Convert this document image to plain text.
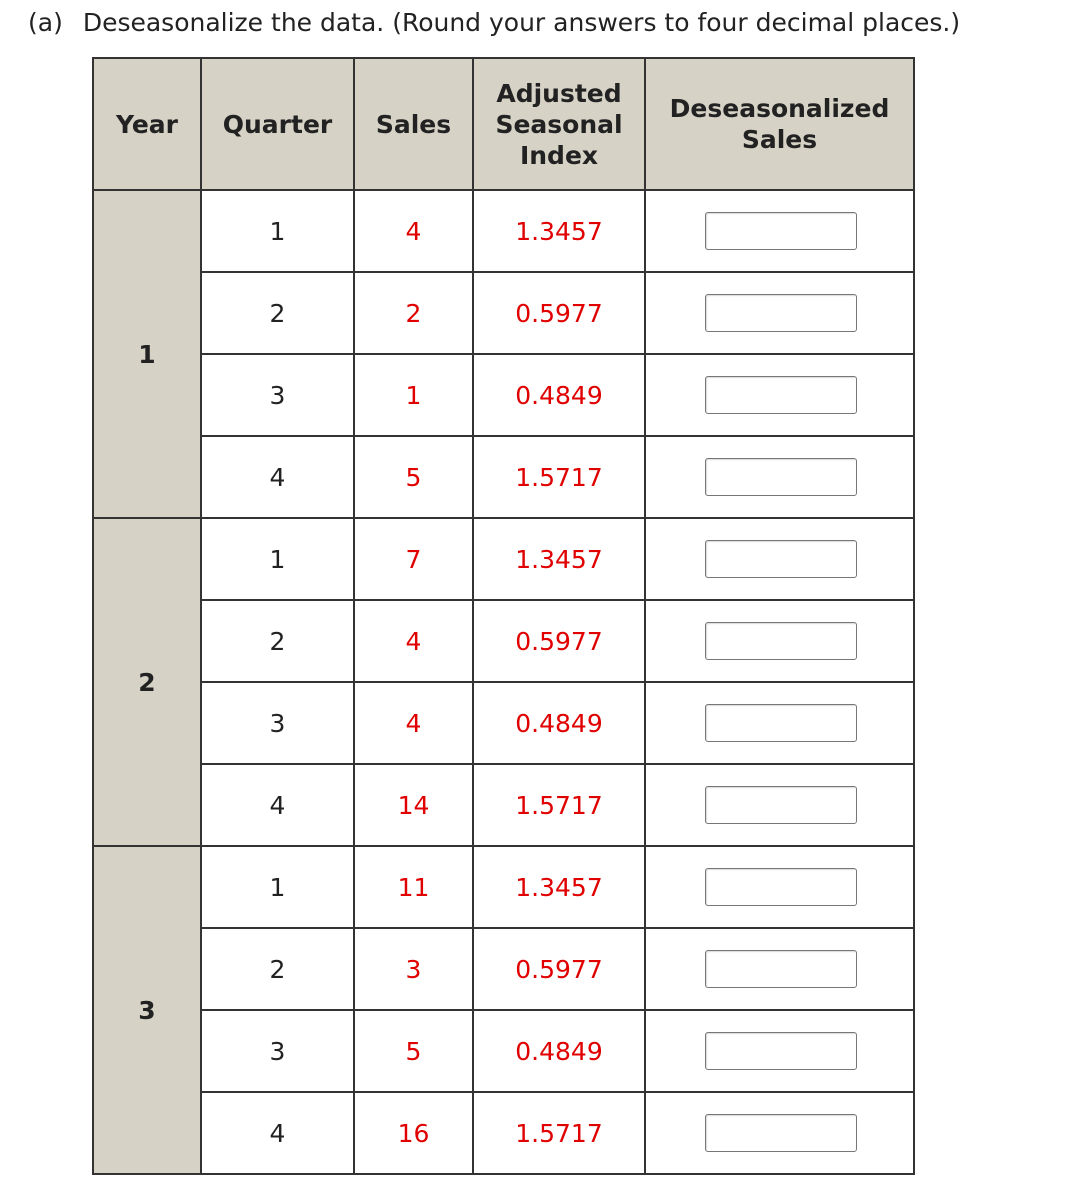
(a) Deseasonalize the data. (Round your answers to four decimal places.)
Year	Quarter	Sales	Adjusted
Seasonal
Index	Deseasonalized
Sales
1	1	4	1.3457	
	2	2	0.5977	
	3	1	0.4849	
	4	5	1.5717	
2	1	7	1.3457	
	2	4	0.5977	
	3	4	0.4849	
	4	14	1.5717	
3	1	11	1.3457	
	2	3	0.5977	
	3	5	0.4849	
	4	16	1.5717	
